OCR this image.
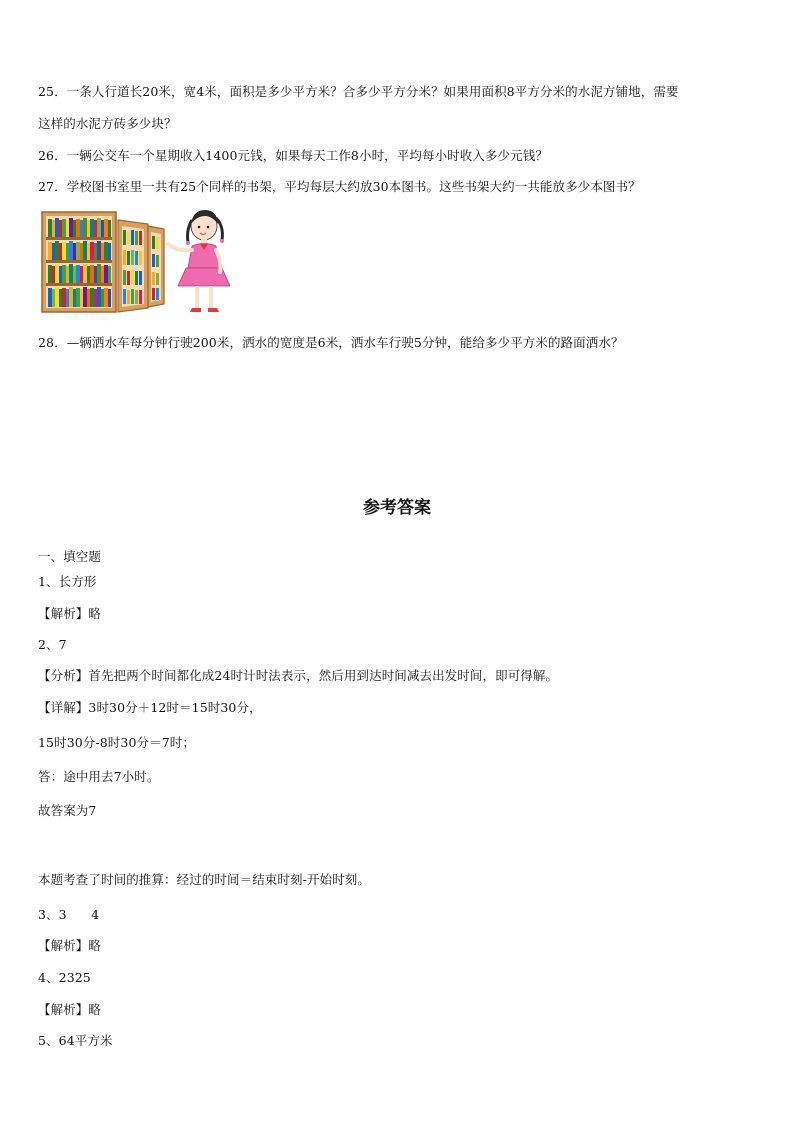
25．一条人行道长20米，宽4米，面积是多少平方米？合多少平方分米？如果用面积8平方分米的水泥方铺地，需要
这样的水泥方砖多少块？
26．一辆公交车一个星期收入1400元钱，如果每天工作8小时，平均每小时收入多少元钱？
27．学校图书室里一共有25个同样的书架，平均每层大约放30本图书。这些书架大约一共能放多少本图书？
28．—辆洒水车每分钟行驶200米，洒水的宽度是6米，洒水车行驶5分钟，能给多少平方米的路面洒水？
参考答案
一、填空题
1、长方形
【解析】略
2、7
【分析】首先把两个时间都化成24时计时法表示，然后用到达时间减去出发时间，即可得解。
【详解】3时30分＋12时＝15时30分，
15时30分-8时30分＝7时；
答：途中用去7小时。
故答案为7
本题考查了时间的推算：经过的时间＝结束时刻-开始时刻。
3、3      4
【解析】略
4、2325
【解析】略
5、64平方米
